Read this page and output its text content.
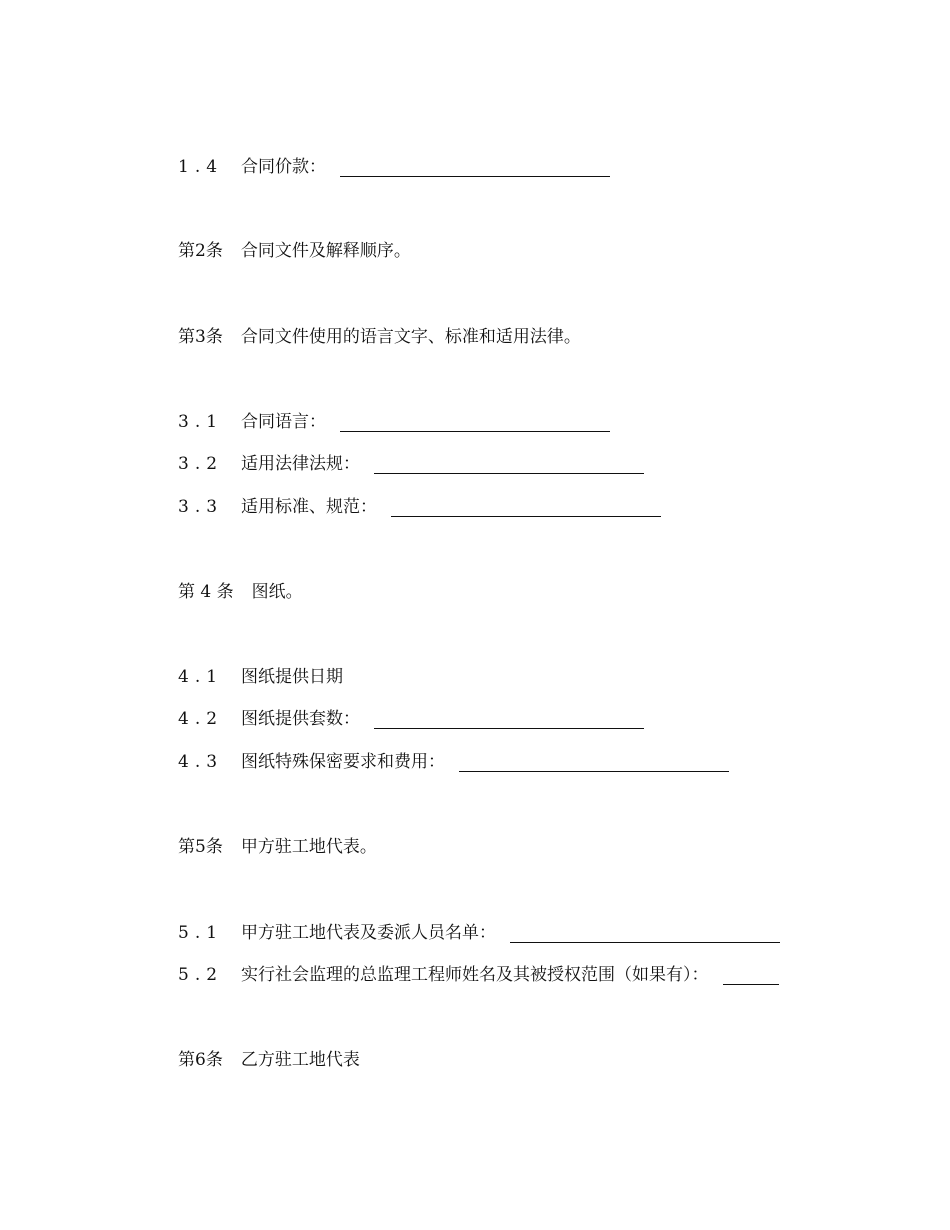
1.4 合同价款：
第2条 合同文件及解释顺序。
第3条 合同文件使用的语言文字、标准和适用法律。
3.1 合同语言：
3.2 适用法律法规：
3.3 适用标准、规范：
第 4 条 图纸。
4.1 图纸提供日期
4.2 图纸提供套数：
4.3 图纸特殊保密要求和费用：
第5条 甲方驻工地代表。
5.1 甲方驻工地代表及委派人员名单：
5.2 实行社会监理的总监理工程师姓名及其被授权范围（如果有）：
第6条 乙方驻工地代表
